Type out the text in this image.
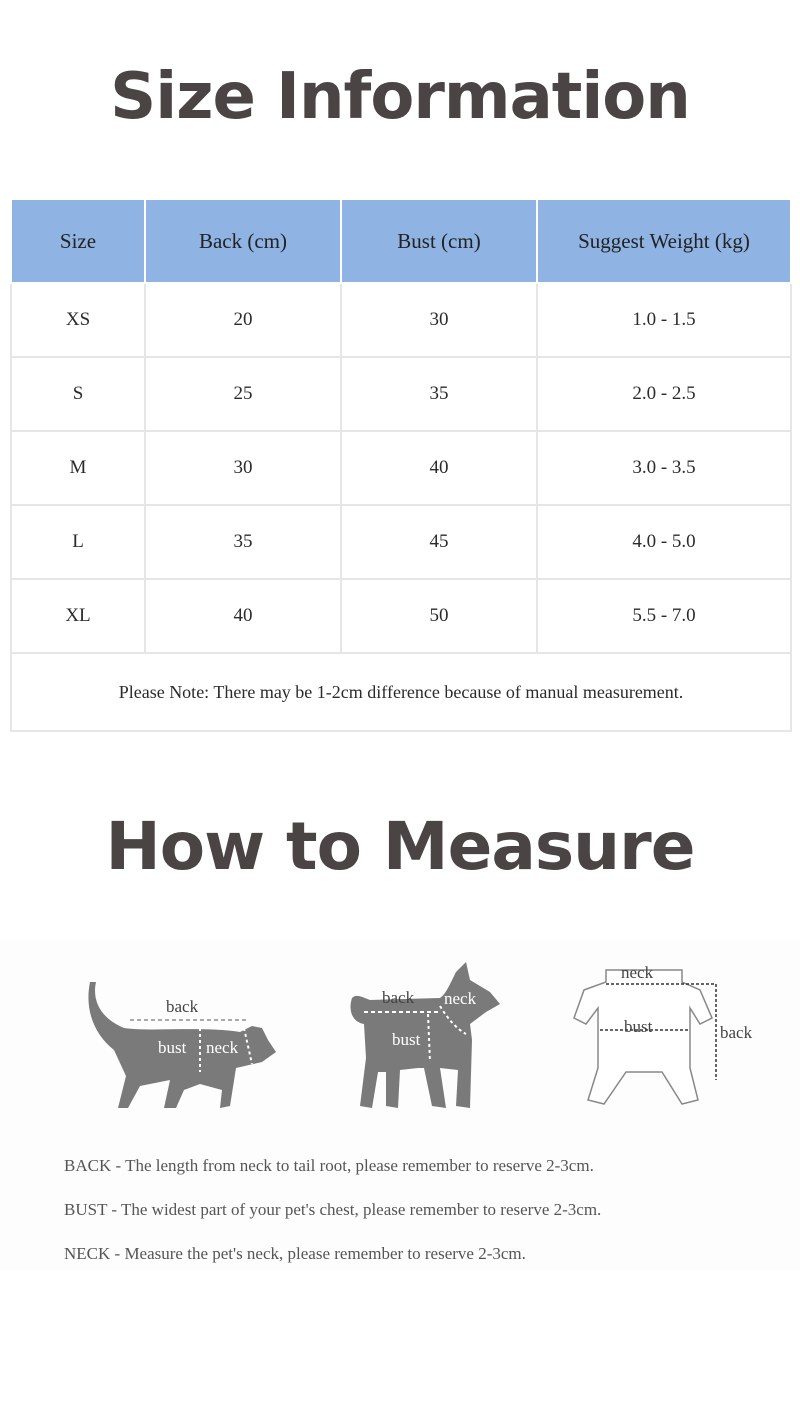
Size Information
Size	Back (cm)	Bust (cm)	Suggest Weight (kg)
XS	20	30	1.0 - 1.5
S	25	35	2.0 - 2.5
M	30	40	3.0 - 3.5
L	35	45	4.0 - 5.0
XL	40	50	5.5 - 7.0
Please Note: There may be 1-2cm difference because of manual measurement.			
How to Measure
back
bust neck
back neck
bust
neck
bust	back
BACK - The length from neck to tail root, please remember to reserve 2-3cm.
BUST - The widest part of your pet's chest, please remember to reserve 2-3cm.
NECK - Measure the pet's neck, please remember to reserve 2-3cm.
